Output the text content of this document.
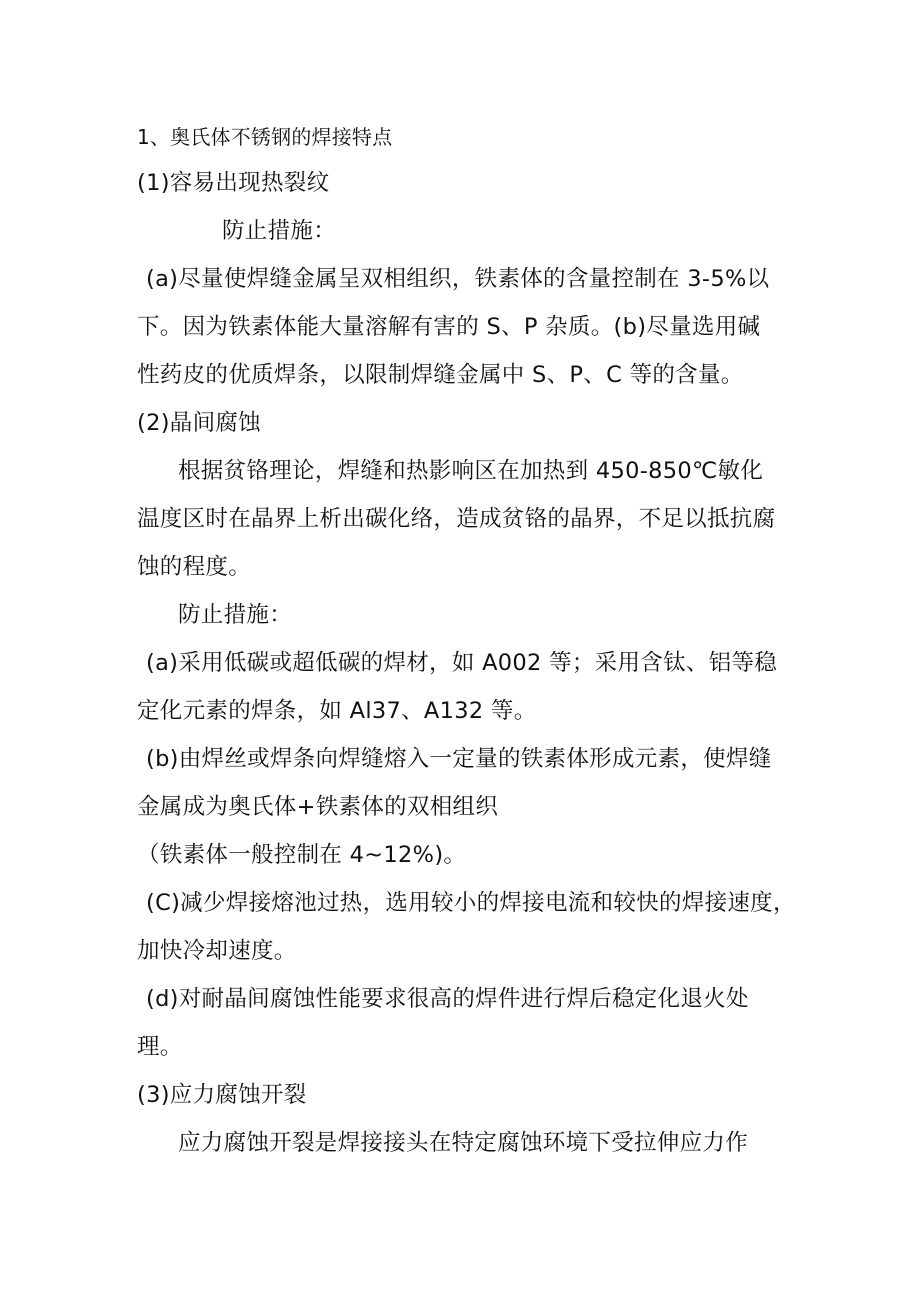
1、奥氏体不锈钢的焊接特点
(1)容易出现热裂纹
防止措施：
(a)尽量使焊缝金属呈双相组织，铁素体的含量控制在 3-5%以
下。因为铁素体能大量溶解有害的 S、P 杂质。(b)尽量选用碱
性药皮的优质焊条，以限制焊缝金属中 S、P、C 等的含量。
(2)晶间腐蚀
根据贫铬理论，焊缝和热影响区在加热到 450-850℃敏化
温度区时在晶界上析出碳化络，造成贫铬的晶界，不足以抵抗腐
蚀的程度。
防止措施：
(a)采用低碳或超低碳的焊材，如 A002 等；采用含钛、铝等稳
定化元素的焊条，如 Al37、A132 等。
(b)由焊丝或焊条向焊缝熔入一定量的铁素体形成元素，使焊缝
金属成为奥氏体+铁素体的双相组织
（铁素体一般控制在 4~12%)。
(C)减少焊接熔池过热，选用较小的焊接电流和较快的焊接速度，
加快冷却速度。
(d)对耐晶间腐蚀性能要求很高的焊件进行焊后稳定化退火处
理。
(3)应力腐蚀开裂
应力腐蚀开裂是焊接接头在特定腐蚀环境下受拉伸应力作
